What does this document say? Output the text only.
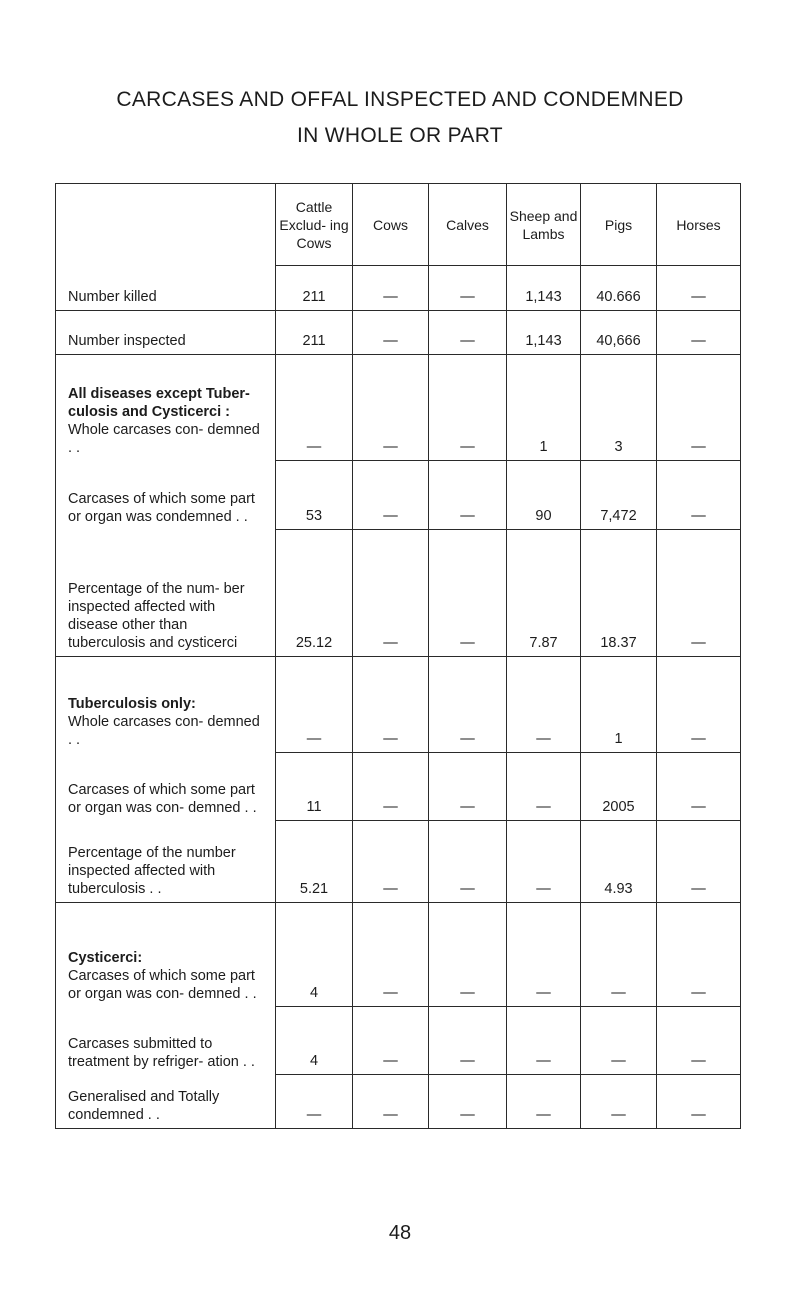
CARCASES AND OFFAL INSPECTED AND CONDEMNED
IN WHOLE OR PART
	Cattle Exclud- ing Cows	Cows	Calves	Sheep and Lambs	Pigs	Horses

Number killed	211	—	—	1,143	40.666	—

Number inspected	211	—	—	1,143	40,666	—

All diseases except Tuber- culosis and Cysticerci :
Whole carcases con- demned . .	—	—	—	1	3	—

Carcases of which some part or organ was condemned . .	53	—	—	90	7,472	—

Percentage of the num- ber inspected affected with disease other than tuberculosis and cysticerci	25.12	—	—	7.87	18.37	—

Tuberculosis only:
Whole carcases con- demned . .	—	—	—	—	1	—

Carcases of which some part or organ was con- demned . .	11	—	—	—	2005	—

Percentage of the number inspected affected with tuberculosis . .	5.21	—	—	—	4.93	—

Cysticerci:
Carcases of which some part or organ was con- demned . .	4	—	—	—	—	—

Carcases submitted to treatment by refriger- ation . .	4	—	—	—	—	—

Generalised and Totally condemned . .	—	—	—	—	—	—
48
